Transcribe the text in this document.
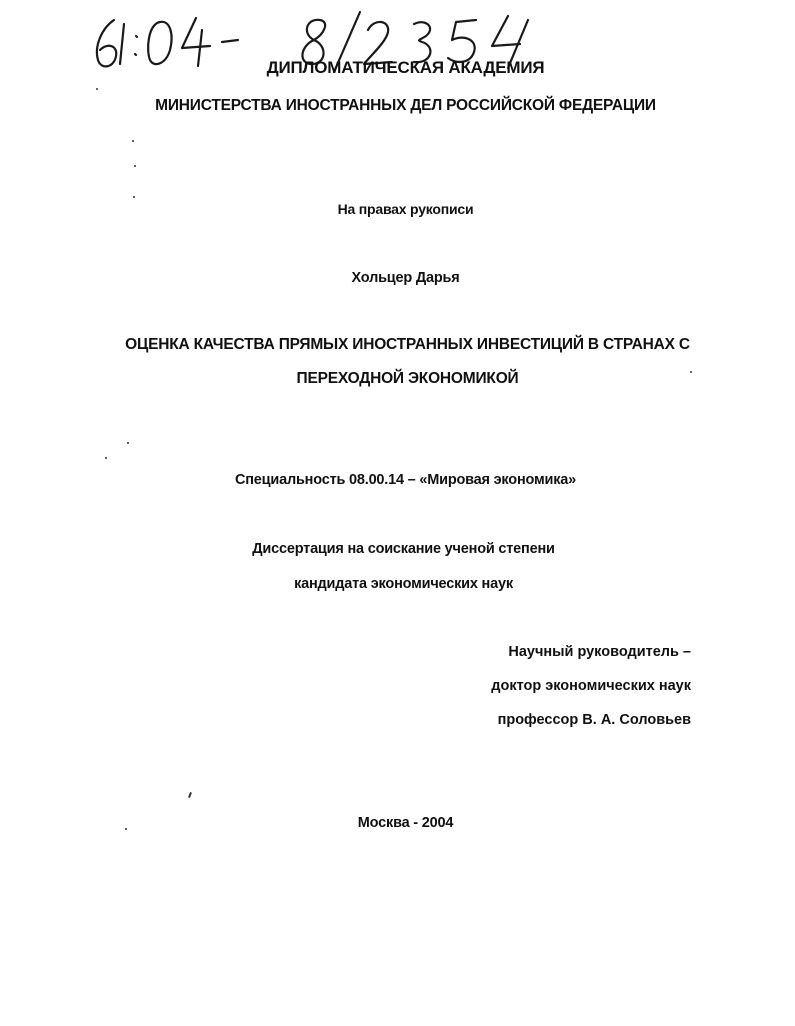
ДИПЛОМАТИЧЕСКАЯ АКАДЕМИЯ
МИНИСТЕРСТВА ИНОСТРАННЫХ ДЕЛ РОССИЙСКОЙ ФЕДЕРАЦИИ
На правах рукописи
Хольцер Дарья
ОЦЕНКА КАЧЕСТВА ПРЯМЫХ ИНОСТРАННЫХ ИНВЕСТИЦИЙ В СТРАНАХ С
ПЕРЕХОДНОЙ ЭКОНОМИКОЙ
Специальность 08.00.14 – «Мировая экономика»
Диссертация на соискание ученой степени
кандидата экономических наук
Научный руководитель –
доктор экономических наук
профессор В. А. Соловьев
Москва - 2004
